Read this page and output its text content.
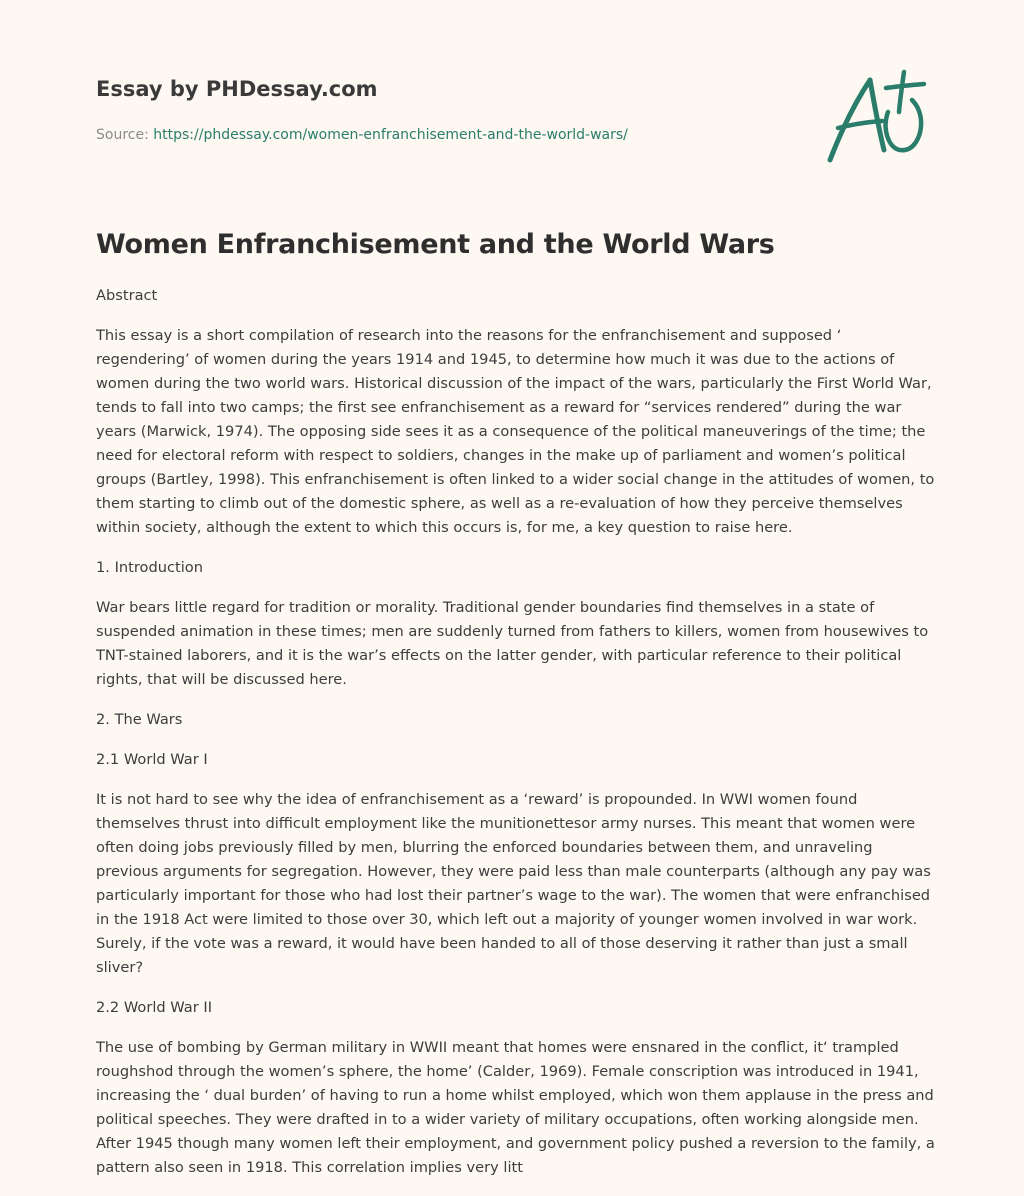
Essay by PHDessay.com
Source: https://phdessay.com/women-enfranchisement-and-the-world-wars/
Women Enfranchisement and the World Wars
Abstract

This essay is a short compilation of research into the reasons for the enfranchisement and supposed ‘ regendering’ of women during the years 1914 and 1945, to determine how much it was due to the actions of women during the two world wars. Historical discussion of the impact of the wars, particularly the First World War, tends to fall into two camps; the first see enfranchisement as a reward for “services rendered” during the war years (Marwick, 1974). The opposing side sees it as a consequence of the political maneuverings of the time; the need for electoral reform with respect to soldiers, changes in the make up of parliament and women’s political groups (Bartley, 1998). This enfranchisement is often linked to a wider social change in the attitudes of women, to them starting to climb out of the domestic sphere, as well as a re-evaluation of how they perceive themselves within society, although the extent to which this occurs is, for me, a key question to raise here.

1. Introduction

War bears little regard for tradition or morality. Traditional gender boundaries find themselves in a state of suspended animation in these times; men are suddenly turned from fathers to killers, women from housewives to TNT-stained laborers, and it is the war’s effects on the latter gender, with particular reference to their political rights, that will be discussed here.

2. The Wars
2.1 World War I

It is not hard to see why the idea of enfranchisement as a ‘reward’ is propounded. In WWI women found themselves thrust into difficult employment like the munitionettesor army nurses. This meant that women were often doing jobs previously filled by men, blurring the enforced boundaries between them, and unraveling previous arguments for segregation. However, they were paid less than male counterparts (although any pay was particularly important for those who had lost their partner’s wage to the war). The women that were enfranchised in the 1918 Act were limited to those over 30, which left out a majority of younger women involved in war work. Surely, if the vote was a reward, it would have been handed to all of those deserving it rather than just a small sliver?

2.2 World War II

The use of bombing by German military in WWII meant that homes were ensnared in the conflict, it‘ trampled roughshod through the women’s sphere, the home’ (Calder, 1969). Female conscription was introduced in 1941, increasing the ‘ dual burden’ of having to run a home whilst employed, which won them applause in the press and political speeches. They were drafted in to a wider variety of military occupations, often working alongside men. After 1945 though many women left their employment, and government policy pushed a reversion to the family, a pattern also seen in 1918. This correlation implies very litt
